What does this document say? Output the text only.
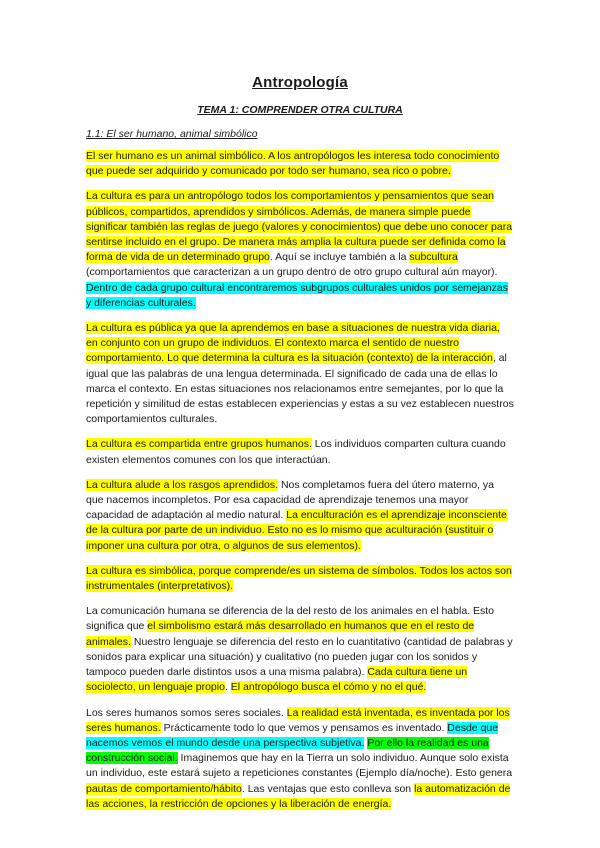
Antropología
TEMA 1: COMPRENDER OTRA CULTURA
1.1: El ser humano, animal simbólico

El ser humano es un animal simbólico. A los antropólogos les interesa todo conocimiento que puede ser adquirido y comunicado por todo ser humano, sea rico o pobre.

La cultura es para un antropólogo todos los comportamientos y pensamientos que sean públicos, compartidos, aprendidos y simbólicos. Además, de manera simple puede significar también las reglas de juego (valores y conocimientos) que debe uno conocer para sentirse incluido en el grupo. De manera más amplia la cultura puede ser definida como la forma de vida de un determinado grupo. Aquí se incluye también a la subcultura (comportamientos que caracterizan a un grupo dentro de otro grupo cultural aún mayor). Dentro de cada grupo cultural encontraremos subgrupos culturales unidos por semejanzas y diferencias culturales.

La cultura es pública ya que la aprendemos en base a situaciones de nuestra vida diaria, en conjunto con un grupo de individuos. El contexto marca el sentido de nuestro comportamiento. Lo que determina la cultura es la situación (contexto) de la interacción, al igual que las palabras de una lengua determinada. El significado de cada una de ellas lo marca el contexto. En estas situaciones nos relacionamos entre semejantes, por lo que la repetición y similitud de estas establecen experiencias y estas a su vez establecen nuestros comportamientos culturales.

La cultura es compartida entre grupos humanos. Los individuos comparten cultura cuando existen elementos comunes con los que interactúan.

La cultura alude a los rasgos aprendidos. Nos completamos fuera del útero materno, ya que nacemos incompletos. Por esa capacidad de aprendizaje tenemos una mayor capacidad de adaptación al medio natural. La enculturación es el aprendizaje inconsciente de la cultura por parte de un individuo. Esto no es lo mismo que aculturación (sustituir o imponer una cultura por otra, o algunos de sus elementos).

La cultura es simbólica, porque comprende/es un sistema de símbolos. Todos los actos son instrumentales (interpretativos).

La comunicación humana se diferencia de la del resto de los animales en el habla. Esto significa que el simbolismo estará más desarrollado en humanos que en el resto de animales. Nuestro lenguaje se diferencia del resto en lo cuantitativo (cantidad de palabras y sonidos para explicar una situación) y cualitativo (no pueden jugar con los sonidos y tampoco pueden darle distintos usos a una misma palabra). Cada cultura tiene un sociolecto, un lenguaje propio. El antropólogo busca el cómo y no el qué.

Los seres humanos somos seres sociales. La realidad está inventada, es inventada por los seres humanos. Prácticamente todo lo que vemos y pensamos es inventado. Desde que nacemos vemos el mundo desde una perspectiva subjetiva. Por ello la realidad es una construcción social. Imaginemos que hay en la Tierra un solo individuo. Aunque solo exista un individuo, este estará sujeto a repeticiones constantes (Ejemplo día/noche). Esto genera pautas de comportamiento/hábito. Las ventajas que esto conlleva son la automatización de las acciones, la restricción de opciones y la liberación de energía.
